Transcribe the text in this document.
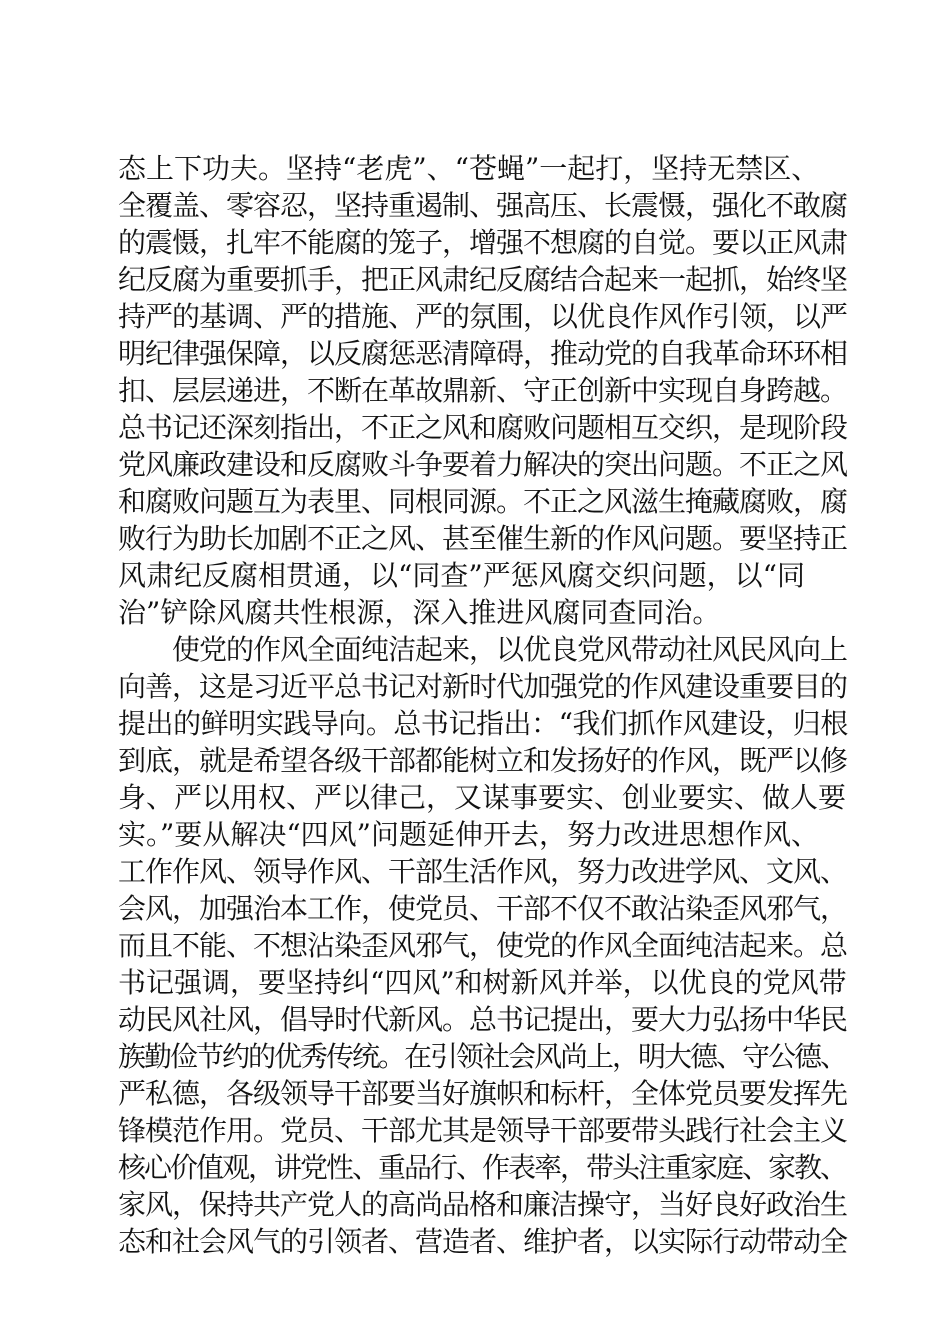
态上下功夫。坚持“老虎”、“苍蝇”一起打，坚持无禁区、
全覆盖、零容忍，坚持重遏制、强高压、长震慑，强化不敢腐
的震慑，扎牢不能腐的笼子，增强不想腐的自觉。要以正风肃
纪反腐为重要抓手，把正风肃纪反腐结合起来一起抓，始终坚
持严的基调、严的措施、严的氛围，以优良作风作引领，以严
明纪律强保障，以反腐惩恶清障碍，推动党的自我革命环环相
扣、层层递进，不断在革故鼎新、守正创新中实现自身跨越。
总书记还深刻指出，不正之风和腐败问题相互交织，是现阶段
党风廉政建设和反腐败斗争要着力解决的突出问题。不正之风
和腐败问题互为表里、同根同源。不正之风滋生掩藏腐败，腐
败行为助长加剧不正之风、甚至催生新的作风问题。要坚持正
风肃纪反腐相贯通，以“同查”严惩风腐交织问题，以“同
治”铲除风腐共性根源，深入推进风腐同查同治。
　　使党的作风全面纯洁起来，以优良党风带动社风民风向上
向善，这是习近平总书记对新时代加强党的作风建设重要目的
提出的鲜明实践导向。总书记指出：“我们抓作风建设，归根
到底，就是希望各级干部都能树立和发扬好的作风，既严以修
身、严以用权、严以律己，又谋事要实、创业要实、做人要
实。”要从解决“四风”问题延伸开去，努力改进思想作风、
工作作风、领导作风、干部生活作风，努力改进学风、文风、
会风，加强治本工作，使党员、干部不仅不敢沾染歪风邪气，
而且不能、不想沾染歪风邪气，使党的作风全面纯洁起来。总
书记强调，要坚持纠“四风”和树新风并举，以优良的党风带
动民风社风，倡导时代新风。总书记提出，要大力弘扬中华民
族勤俭节约的优秀传统。在引领社会风尚上，明大德、守公德、
严私德，各级领导干部要当好旗帜和标杆，全体党员要发挥先
锋模范作用。党员、干部尤其是领导干部要带头践行社会主义
核心价值观，讲党性、重品行、作表率，带头注重家庭、家教、
家风，保持共产党人的高尚品格和廉洁操守，当好良好政治生
态和社会风气的引领者、营造者、维护者，以实际行动带动全
